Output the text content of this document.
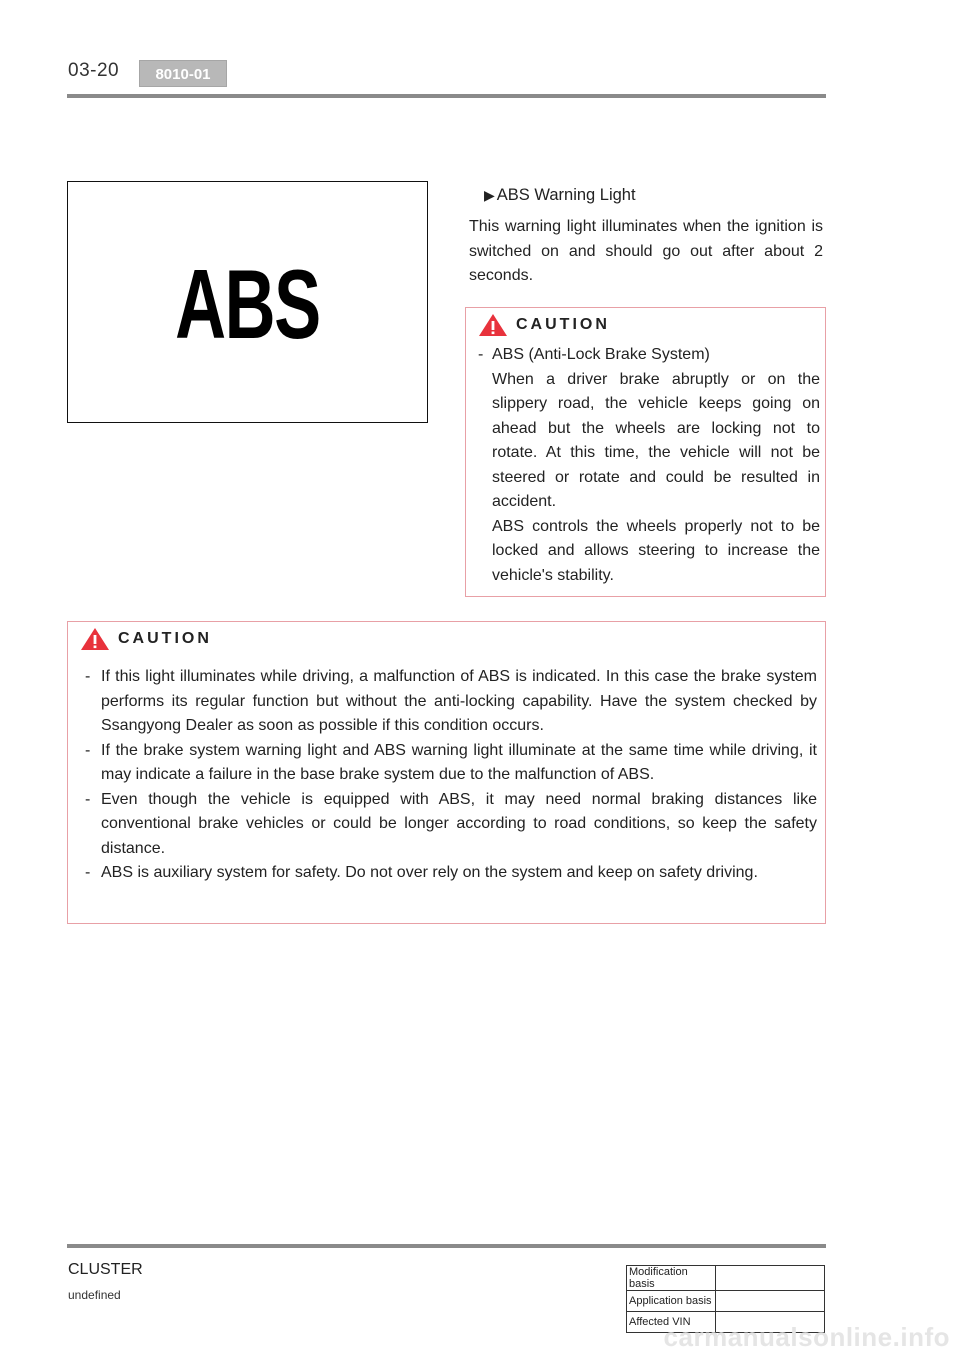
03-20	8010-01
ABS
▶ ABS Warning Light
This warning light illuminates when the ignition is switched on and should go out after about 2 seconds.
CAUTION
- ABS (Anti-Lock Brake System)
When a driver brake abruptly or on the slippery road, the vehicle keeps going on ahead but the wheels are locking not to rotate. At this time, the vehicle will not be steered or rotate and could be resulted in accident.
ABS controls the wheels properly not to be locked and allows steering to increase the vehicle's stability.
CAUTION
- If this light illuminates while driving, a malfunction of ABS is indicated. In this case the brake system performs its regular function but without the anti-locking capability. Have the system checked by Ssangyong Dealer as soon as possible if this condition occurs.
- If the brake system warning light and ABS warning light illuminate at the same time while driving, it may indicate a failure in the base brake system due to the malfunction of ABS.
- Even though the vehicle is equipped with ABS, it may need normal braking distances like conventional brake vehicles or could be longer according to road conditions, so keep the safety distance.
- ABS is auxiliary system for safety. Do not over rely on the system and keep on safety driving.
CLUSTER
undefined
Modification basis	
Application basis	
Affected VIN	
carmanualsonline.info
